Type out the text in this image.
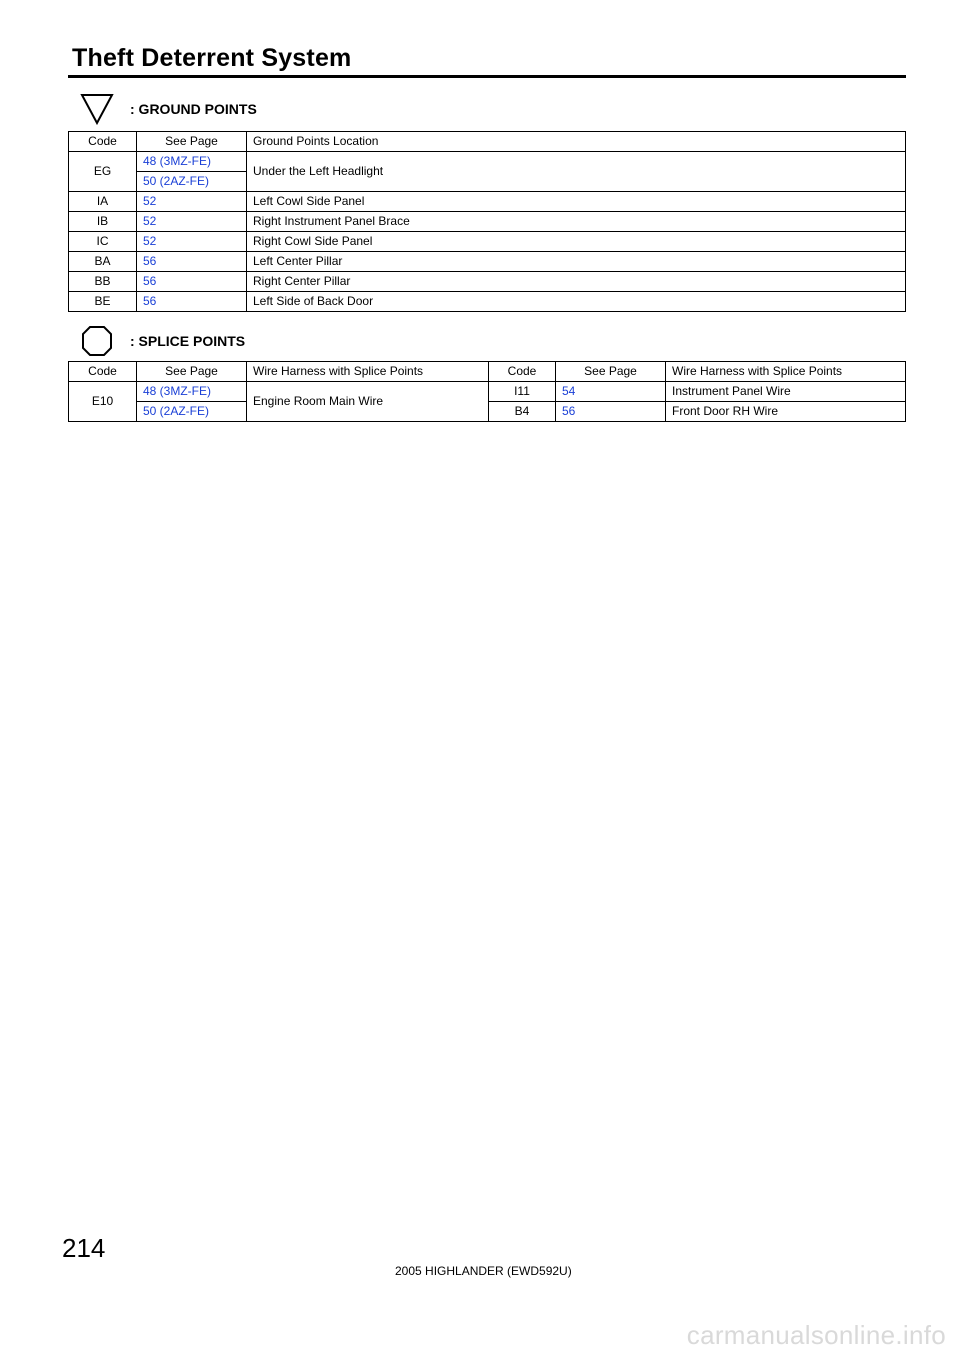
Theft Deterrent System
: GROUND POINTS
Code	See Page	Ground Points Location
EG	48 (3MZ-FE)	Under the Left Headlight
	50 (2AZ-FE)	
IA	52	Left Cowl Side Panel
IB	52	Right Instrument Panel Brace
IC	52	Right Cowl Side Panel
BA	56	Left Center Pillar
BB	56	Right Center Pillar
BE	56	Left Side of Back Door
: SPLICE POINTS
Code	See Page	Wire Harness with Splice Points	Code	See Page	Wire Harness with Splice Points
E10	48 (3MZ-FE)	Engine Room Main Wire	I11	54	Instrument Panel Wire
	50 (2AZ-FE)		B4	56	Front Door RH Wire
214
2005 HIGHLANDER (EWD592U)
carmanualsonline.info
